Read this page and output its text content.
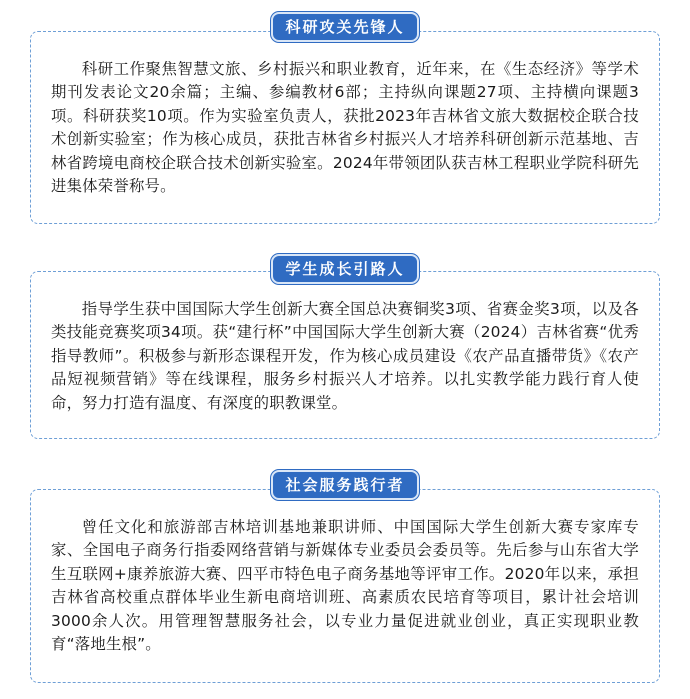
科研工作聚焦智慧文旅、乡村振兴和职业教育，近年来，在《生态经济》等学术期刊发表论文20余篇；主编、参编教材6部；主持纵向课题27项、主持横向课题3项。科研获奖10项。作为实验室负责人，获批2023年吉林省文旅大数据校企联合技术创新实验室；作为核心成员，获批吉林省乡村振兴人才培养科研创新示范基地、吉林省跨境电商校企联合技术创新实验室。2024年带领团队获吉林工程职业学院科研先进集体荣誉称号。

科研攻关先锋人

指导学生获中国国际大学生创新大赛全国总决赛铜奖3项、省赛金奖3项，以及各类技能竞赛奖项34项。获“建行杯”中国国际大学生创新大赛（2024）吉林省赛“优秀指导教师”。积极参与新形态课程开发，作为核心成员建设《农产品直播带货》《农产品短视频营销》等在线课程，服务乡村振兴人才培养。以扎实教学能力践行育人使命，努力打造有温度、有深度的职教课堂。

学生成长引路人

曾任文化和旅游部吉林培训基地兼职讲师、中国国际大学生创新大赛专家库专家、全国电子商务行指委网络营销与新媒体专业委员会委员等。先后参与山东省大学生互联网+康养旅游大赛、四平市特色电子商务基地等评审工作。2020年以来，承担吉林省高校重点群体毕业生新电商培训班、高素质农民培育等项目，累计社会培训3000余人次。用管理智慧服务社会，以专业力量促进就业创业，真正实现职业教育“落地生根”。

社会服务践行者
